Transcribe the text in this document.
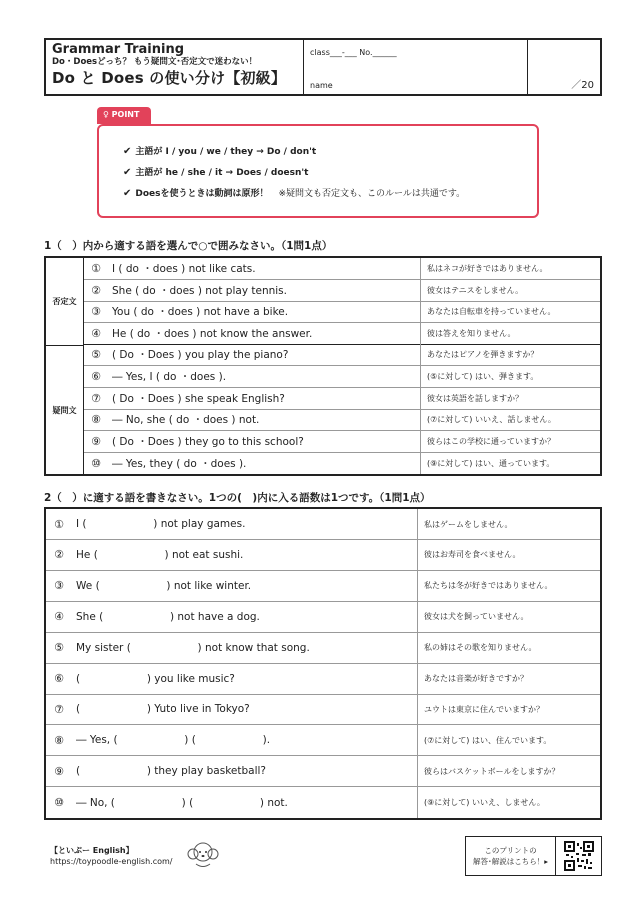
Grammar Training
Do・Doesどっち？ もう疑問文･否定文で迷わない！
Do と Does の使い分け【初級】
class___-___ No.______
name	／20
♀ POINT
✔ 主語が I / you / we / they → Do / don't
✔ 主語が he / she / it → Does / doesn't
✔ Doesを使うときは動詞は原形！ ※疑問文も否定文も、このルールは共通です。
1（　）内から適する語を選んで○で囲みなさい。（1問1点）
否定文
疑問文
①	I ( do ・does ) not like cats.	私はネコが好きではありません。
②	She ( do ・does ) not play tennis.	彼女はテニスをしません。
③	You ( do ・does ) not have a bike.	あなたは自転車を持っていません。
④	He ( do ・does ) not know the answer.	彼は答えを知りません。
⑤	( Do ・Does ) you play the piano?	あなたはピアノを弾きますか？
⑥	― Yes, I ( do ・does ).	(⑤に対して) はい、弾きます。
⑦	( Do ・Does ) she speak English?	彼女は英語を話しますか？
⑧	― No, she ( do ・does ) not.	(⑦に対して) いいえ、話しません。
⑨	( Do ・Does ) they go to this school?	彼らはこの学校に通っていますか？
⑩	― Yes, they ( do ・does ).	(⑨に対して) はい、通っています。
2（　）に適する語を書きなさい。1つの(　)内に入る語数は1つです。（1問1点）
①	I (                    ) not play games.	私はゲームをしません。
②	He (                    ) not eat sushi.	彼はお寿司を食べません。
③	We (                    ) not like winter.	私たちは冬が好きではありません。
④	She (                    ) not have a dog.	彼女は犬を飼っていません。
⑤	My sister (                    ) not know that song.	私の姉はその歌を知りません。
⑥	(                    ) you like music?	あなたは音楽が好きですか？
⑦	(                    ) Yuto live in Tokyo?	ユウトは東京に住んでいますか？
⑧	― Yes, (                    ) (                    ).	(⑦に対して) はい、住んでいます。
⑨	(                    ) they play basketball?	彼らはバスケットボールをしますか？
⑩	― No, (                    ) (                    ) not.	(⑨に対して) いいえ、しません。
【といぷー English】
https://toypoodle-english.com/
このプリントの
解答･解説はこちら！▸
